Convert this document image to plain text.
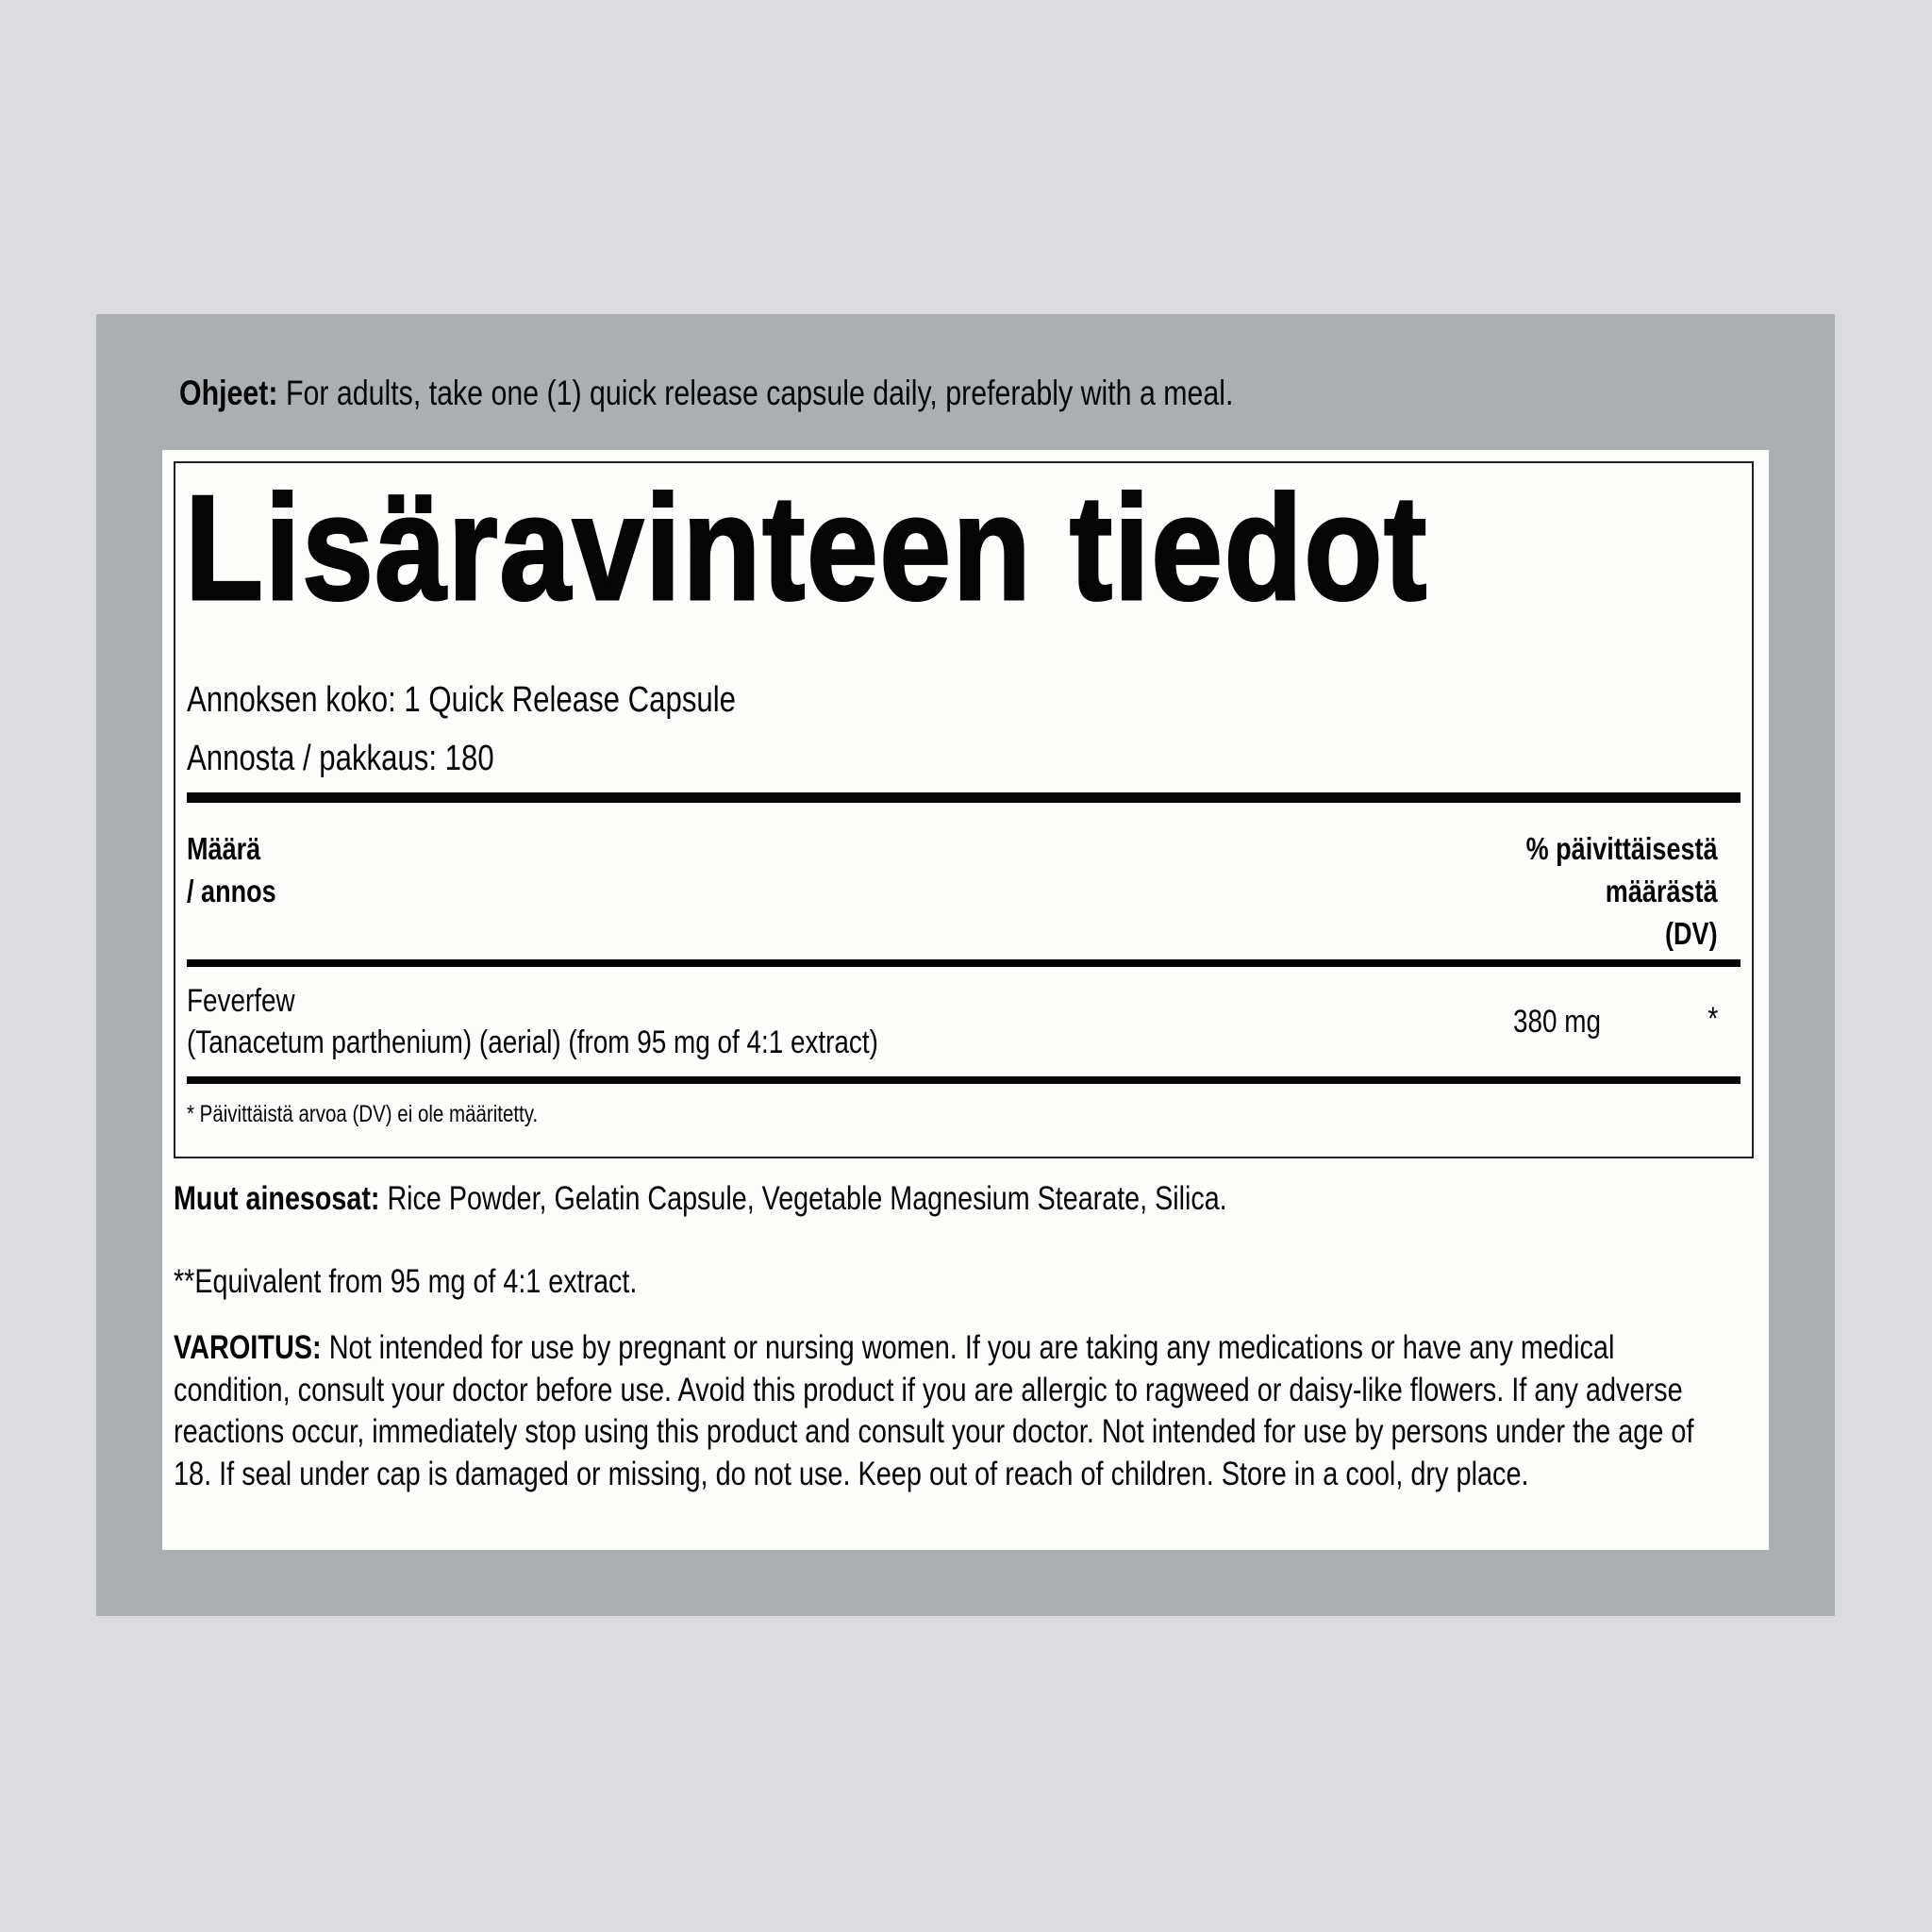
Ohjeet: For adults, take one (1) quick release capsule daily, preferably with a meal.
Lisäravinteen tiedot
Annoksen koko: 1 Quick Release Capsule
Annosta / pakkaus: 180
Määrä
/ annos
% päivittäisestä
määrästä
(DV)
Feverfew
(Tanacetum parthenium) (aerial) (from 95 mg of 4:1 extract)
380 mg	*
* Päivittäistä arvoa (DV) ei ole määritetty.
Muut ainesosat: Rice Powder, Gelatin Capsule, Vegetable Magnesium Stearate, Silica.
**Equivalent from 95 mg of 4:1 extract.
VAROITUS: Not intended for use by pregnant or nursing women. If you are taking any medications or have any medical condition, consult your doctor before use. Avoid this product if you are allergic to ragweed or daisy-like flowers. If any adverse reactions occur, immediately stop using this product and consult your doctor. Not intended for use by persons under the age of 18. If seal under cap is damaged or missing, do not use. Keep out of reach of children. Store in a cool, dry place.
